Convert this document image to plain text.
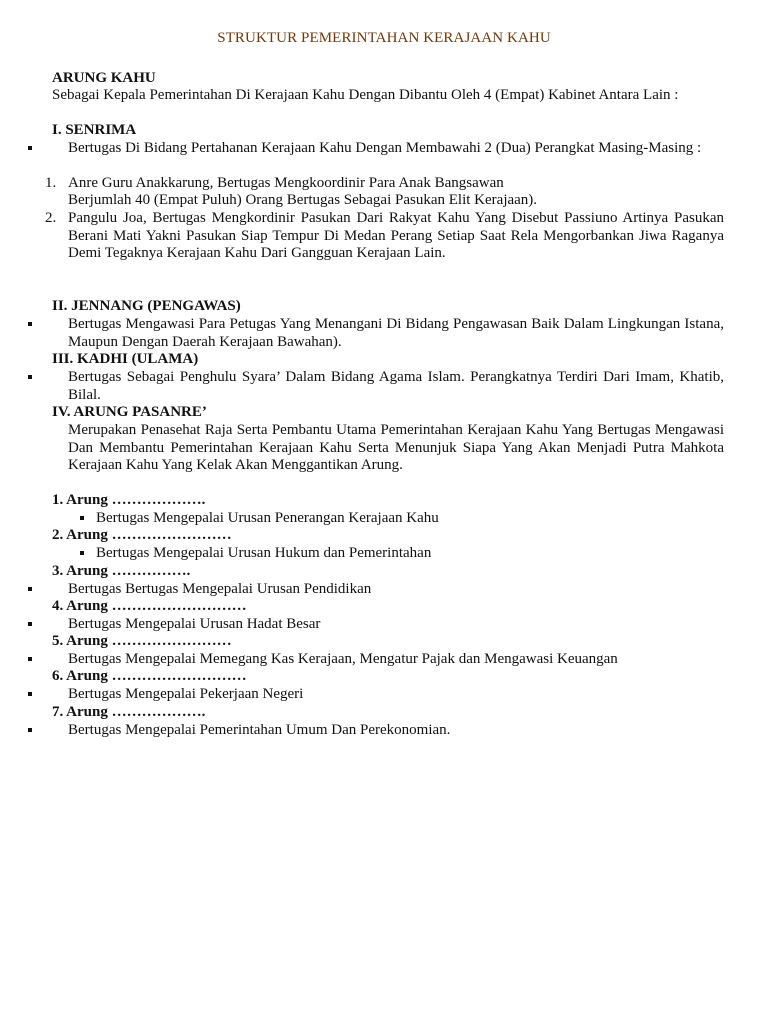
STRUKTUR PEMERINTAHAN KERAJAAN KAHU
ARUNG KAHU
Sebagai Kepala Pemerintahan Di Kerajaan Kahu Dengan Dibantu Oleh 4 (Empat) Kabinet Antara Lain :
I. SENRIMA
Bertugas Di Bidang Pertahanan Kerajaan Kahu Dengan Membawahi 2 (Dua) Perangkat Masing-Masing :
1. Anre Guru Anakkarung, Bertugas Mengkoordinir Para Anak Bangsawan
Berjumlah 40 (Empat Puluh) Orang Bertugas Sebagai Pasukan Elit Kerajaan).
2. Pangulu Joa, Bertugas Mengkordinir Pasukan Dari Rakyat Kahu Yang Disebut Passiuno Artinya Pasukan Berani Mati Yakni Pasukan Siap Tempur Di Medan Perang Setiap Saat Rela Mengorbankan Jiwa Raganya Demi Tegaknya Kerajaan Kahu Dari Gangguan Kerajaan Lain.
II. JENNANG (PENGAWAS)
Bertugas Mengawasi Para Petugas Yang Menangani Di Bidang Pengawasan Baik Dalam Lingkungan Istana, Maupun Dengan Daerah Kerajaan Bawahan).
III. KADHI (ULAMA)
Bertugas Sebagai Penghulu Syara’ Dalam Bidang Agama Islam. Perangkatnya Terdiri Dari Imam, Khatib, Bilal.
IV. ARUNG PASANRE’
Merupakan Penasehat Raja Serta Pembantu Utama Pemerintahan Kerajaan Kahu Yang Bertugas Mengawasi Dan Membantu Pemerintahan Kerajaan Kahu Serta Menunjuk Siapa Yang Akan Menjadi Putra Mahkota Kerajaan Kahu Yang Kelak Akan Menggantikan Arung.
1. Arung ……………….
Bertugas Mengepalai Urusan Penerangan Kerajaan Kahu
2. Arung ……………………
Bertugas Mengepalai Urusan Hukum dan Pemerintahan
3. Arung …………….
Bertugas Bertugas Mengepalai Urusan Pendidikan
4. Arung ………………………
Bertugas Mengepalai Urusan Hadat Besar
5. Arung ……………………
Bertugas Mengepalai Memegang Kas Kerajaan, Mengatur Pajak dan Mengawasi Keuangan
6. Arung ………………………
Bertugas Mengepalai Pekerjaan Negeri
7. Arung ……………….
Bertugas Mengepalai Pemerintahan Umum Dan Perekonomian.
